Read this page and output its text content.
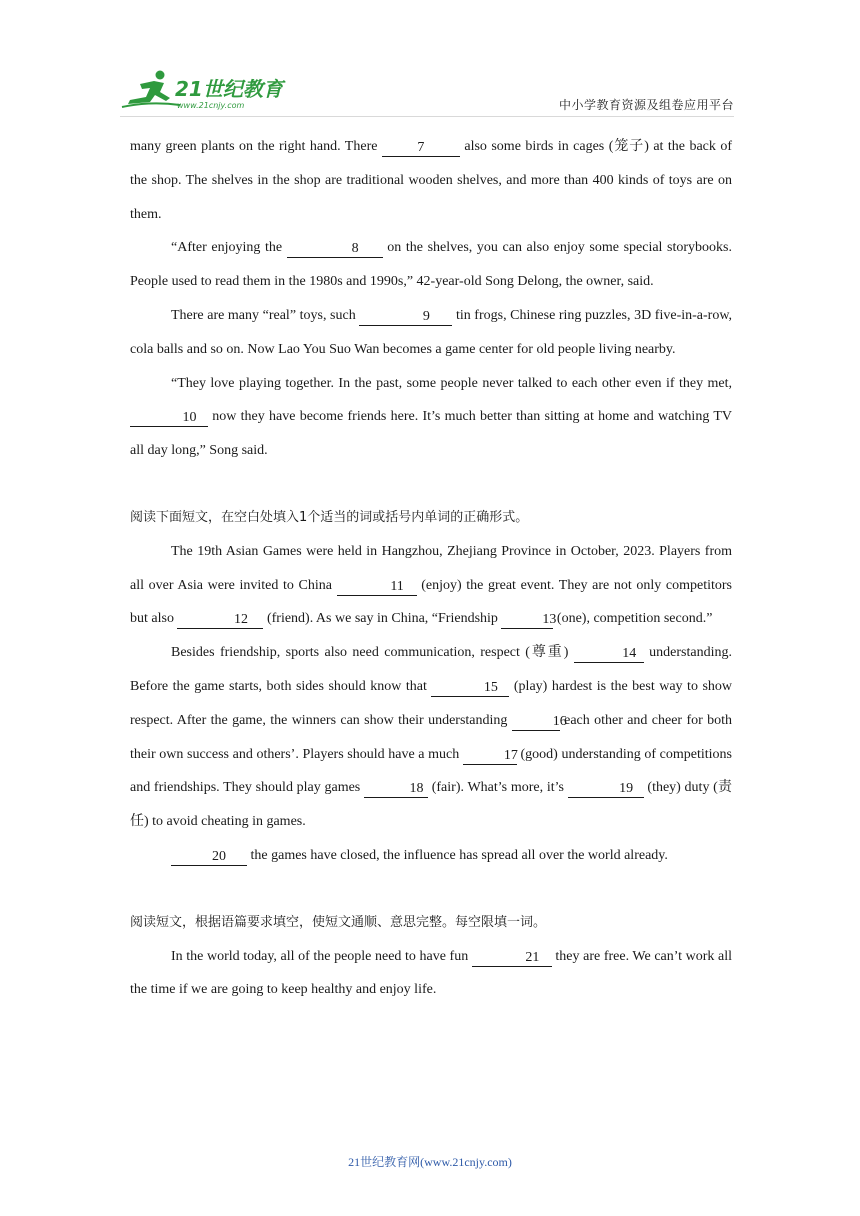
21世纪教育
www.21cnjy.com	中小学教育资源及组卷应用平台

many green plants on the right hand. There	7	also some birds in cages (笼子) at the back of the shop. The shelves in the shop are traditional wooden shelves, and more than 400 kinds of toys are on them.

“After enjoying the	8 on the shelves, you can also enjoy some special storybooks. People used to read them in the 1980s and 1990s,” 42-year-old Song Delong, the owner, said.

There are many “real” toys, such	9 tin frogs, Chinese ring puzzles, 3D five-in-a-row, cola balls and so on. Now Lao You Suo Wan becomes a game center for old people living nearby.

“They love playing together. In the past, some people never talked to each other even if they met, 10 now they have become friends here. It’s much better than sitting at home and watching TV all day long,” Song said.

阅读下面短文，在空白处填入1个适当的词或括号内单词的正确形式。

The 19th Asian Games were held in Hangzhou, Zhejiang Province in October, 2023. Players from all over Asia were invited to China	11 (enjoy) the great event. They are not only competitors but also	12 (friend). As we say in China, “Friendship	13 (one), competition second.”

Besides friendship, sports also need communication, respect (尊重)	14 understanding. Before the game starts, both sides should know that	15 (play) hardest is the best way to show respect. After the game, the winners can show their understanding	16 each other and cheer for both their own success and others’. Players should have a much	17 (good) understanding of competitions and friendships. They should play games	18 (fair). What’s more, it’s	19 (they) duty (责任) to avoid cheating in games.

20 the games have closed, the influence has spread all over the world already.

阅读短文，根据语篇要求填空，使短文通顺、意思完整。每空限填一词。

In the world today, all of the people need to have fun	21 they are free. We can’t work all the time if we are going to keep healthy and enjoy life.

21世纪教育网(www.21cnjy.com)
